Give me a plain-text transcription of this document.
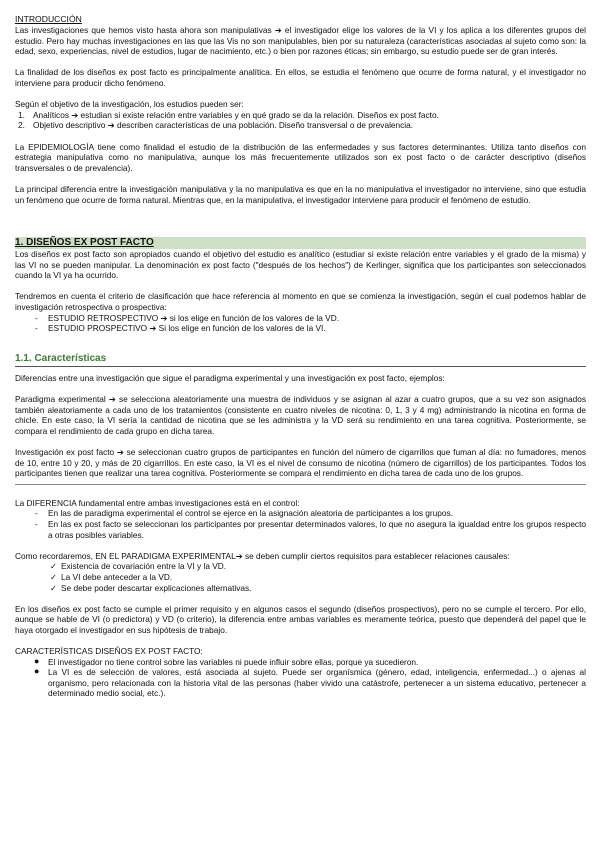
INTRODUCCIÓN

Las investigaciones que hemos visto hasta ahora son manipulativas ➔ el investigador elige los valores de la VI y los aplica a los diferentes grupos del estudio. Pero hay muchas investigaciones en las que las Vis no son manipulables, bien por su naturaleza (características asociadas al sujeto como son: la edad, sexo, experiencias, nivel de estudios, lugar de nacimiento, etc.) o bien por razones éticas; sin embargo, su estudio puede ser de gran interés.

La finalidad de los diseños ex post facto es principalmente analítica. En ellos, se estudia el fenómeno que ocurre de forma natural, y el investigador no interviene para producir dicho fenómeno.

Según el objetivo de la investigación, los estudios pueden ser:

1. Analíticos ➔ estudian si existe relación entre variables y en qué grado se da la relación. Diseños ex post facto.
2. Objetivo descriptivo ➔ describen características de una población. Diseño transversal o de prevalencia.

La EPIDEMIOLOGÍA tiene como finalidad el estudio de la distribución de las enfermedades y sus factores determinantes. Utiliza tanto diseños con estrategia manipulativa como no manipulativa, aunque los más frecuentemente utilizados son ex post facto o de carácter descriptivo (diseños transversales o de prevalencia).

La principal diferencia entre la investigación manipulativa y la no manipulativa es que en la no manipulativa el investigador no interviene, sino que estudia un fenómeno que ocurre de forma natural. Mientras que, en la manipulativa, el investigador interviene para producir el fenómeno de estudio.

1. DISEÑOS EX POST FACTO

Los diseños ex post facto son apropiados cuando el objetivo del estudio es analítico (estudiar si existe relación entre variables y el grado de la misma) y las VI no se pueden manipular. La denominación ex post facto ("después de los hechos") de Kerlinger, significa que los participantes son seleccionados cuando la VI ya ha ocurrido.

Tendremos en cuenta el criterio de clasificación que hace referencia al momento en que se comienza la investigación, según el cual podemos hablar de investigación retrospectiva o prospectiva:

- ESTUDIO RETROSPECTIVO ➔ si los elige en función de los valores de la VD.
- ESTUDIO PROSPECTIVO ➔ Si los elige en función de los valores de la VI.
1.1. Características

Diferencias entre una investigación que sigue el paradigma experimental y una investigación ex post facto, ejemplos:

Paradigma experimental ➔ se selecciona aleatoriamente una muestra de individuos y se asignan al azar a cuatro grupos, que a su vez son asignados también aleatoriamente a cada uno de los tratamientos (consistente en cuatro niveles de nicotina: 0, 1, 3 y 4 mg) administrando la nicotina en forma de chicle. En este caso, la VI sería la cantidad de nicotina que se les administra y la VD será su rendimiento en una tarea cognitiva. Posteriormente, se compara el rendimiento de cada grupo en dicha tarea.

Investigación ex post facto ➔ se seleccionan cuatro grupos de participantes en función del número de cigarrillos que fuman al día: no fumadores, menos de 10, entre 10 y 20, y más de 20 cigarrillos. En este caso, la VI es el nivel de consumo de nicotina (número de cigarrillos) de los participantes. Todos los participantes tienen que realizar una tarea cognitiva. Posteriormente se compara el rendimiento en dicha tarea de cada uno de los grupos.

La DIFERENCIA fundamental entre ambas investigaciones está en el control:

- En las de paradigma experimental el control se ejerce en la asignación aleatoria de participantes a los grupos.
- En las ex post facto se seleccionan los participantes por presentar determinados valores, lo que no asegura la igualdad entre los grupos respecto a otras posibles variables.

Como recordaremos, EN EL PARADIGMA EXPERIMENTAL➔ se deben cumplir ciertos requisitos para establecer relaciones causales:

✓ Existencia de covariación entre la VI y la VD.
✓ La VI debe anteceder a la VD.
✓ Se debe poder descartar explicaciones alternativas.

En los diseños ex post facto se cumple el primer requisito y en algunos casos el segundo (diseños prospectivos), pero no se cumple el tercero. Por ello, aunque se hable de VI (o predictora) y VD (o criterio), la diferencia entre ambas variables es meramente teórica, puesto que dependerá del papel que le haya otorgado el investigador en sus hipótesis de trabajo.

CARACTERÍSTICAS DISEÑOS EX POST FACTO:

● El investigador no tiene control sobre las variables ni puede influir sobre ellas, porque ya sucedieron.
● La VI es de selección de valores, está asociada al sujeto. Puede ser organísmica (género, edad, inteligencia, enfermedad...) o ajenas al organismo, pero relacionada con la historia vital de las personas (haber vivido una catástrofe, pertenecer a un sistema educativo, pertenecer a determinado medio social, etc.).
